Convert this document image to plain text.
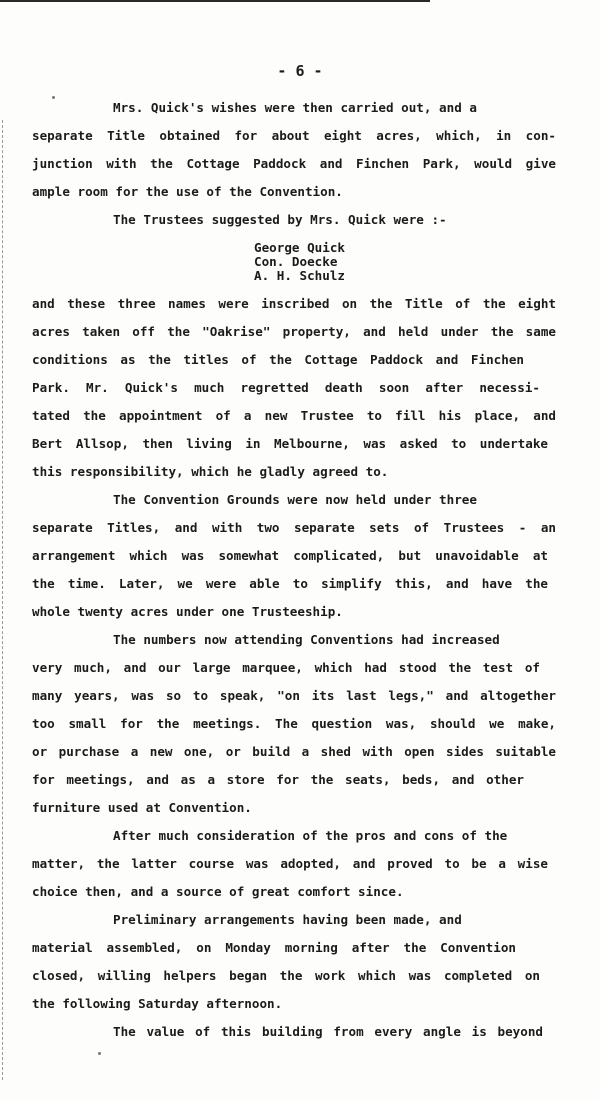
- 6 -
Mrs. Quick's wishes were then carried out, and a
separate Title obtained for about eight acres, which, in con-
junction with the Cottage Paddock and Finchen Park, would give
ample room for the use of the Convention.
The Trustees suggested by Mrs. Quick were :-
George Quick
Con. Doecke
A. H. Schulz
and these three names were inscribed on the Title of the eight
acres taken off the "Oakrise" property, and held under the same
conditions as the titles of the Cottage Paddock and Finchen
Park. Mr. Quick's much regretted death soon after necessi-
tated the appointment of a new Trustee to fill his place, and
Bert Allsop, then living in Melbourne, was asked to undertake
this responsibility, which he gladly agreed to.
The Convention Grounds were now held under three
separate Titles, and with two separate sets of Trustees - an
arrangement which was somewhat complicated, but unavoidable at
the time. Later, we were able to simplify this, and have the
whole twenty acres under one Trusteeship.
The numbers now attending Conventions had increased
very much, and our large marquee, which had stood the test of
many years, was so to speak, "on its last legs," and altogether
too small for the meetings. The question was, should we make,
or purchase a new one, or build a shed with open sides suitable
for meetings, and as a store for the seats, beds, and other
furniture used at Convention.
After much consideration of the pros and cons of the
matter, the latter course was adopted, and proved to be a wise
choice then, and a source of great comfort since.
Preliminary arrangements having been made, and
material assembled, on Monday morning after the Convention
closed, willing helpers began the work which was completed on
the following Saturday afternoon.
The value of this building from every angle is beyond
